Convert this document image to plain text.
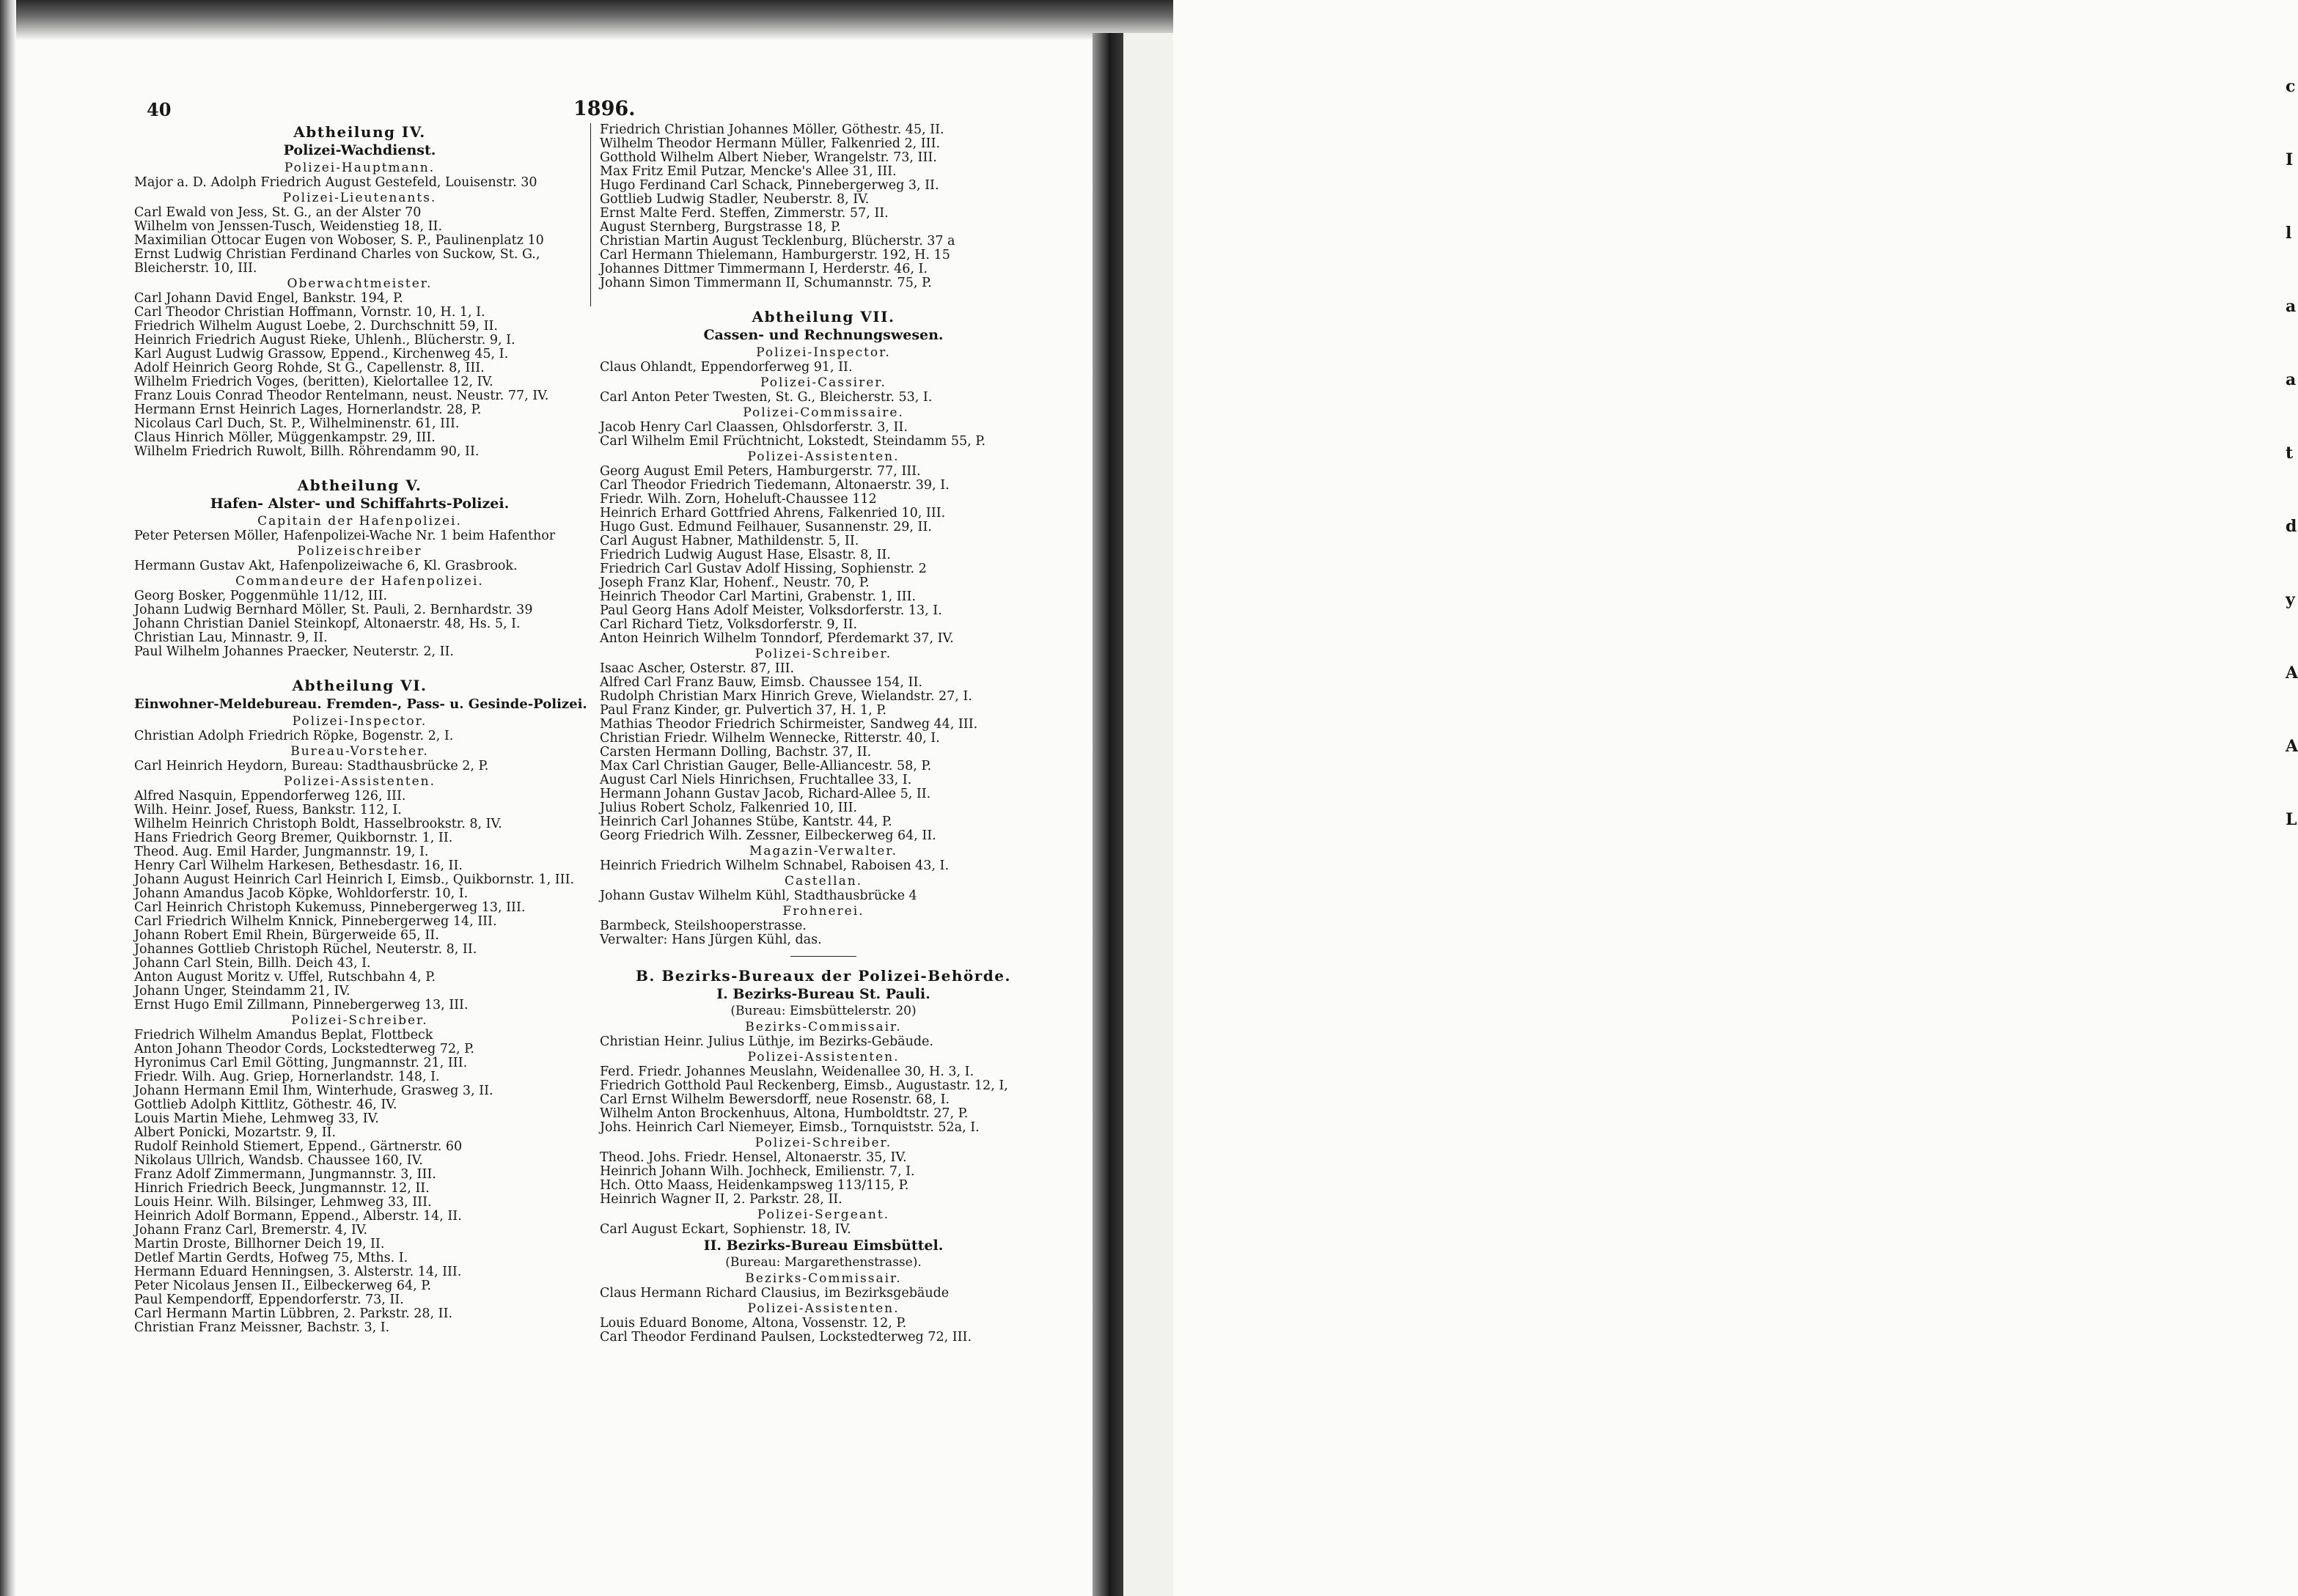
c
I
l
a
a
t
d
y
A
A
L
40	1896.
Abtheilung IV.
Polizei-Wachdienst.
Polizei-Hauptmann.
Major a. D. Adolph Friedrich August Gestefeld, Louisenstr. 30
Polizei-Lieutenants.
Carl Ewald von Jess, St. G., an der Alster 70
Wilhelm von Jenssen-Tusch, Weidenstieg 18, II.
Maximilian Ottocar Eugen von Woboser, S. P., Paulinenplatz 10
Ernst Ludwig Christian Ferdinand Charles von Suckow, St. G., Bleicherstr. 10, III.
Oberwachtmeister.
Carl Johann David Engel, Bankstr. 194, P.
Carl Theodor Christian Hoffmann, Vornstr. 10, H. 1, I.
Friedrich Wilhelm August Loebe, 2. Durchschnitt 59, II.
Heinrich Friedrich August Rieke, Uhlenh., Blücherstr. 9, I.
Karl August Ludwig Grassow, Eppend., Kirchenweg 45, I.
Adolf Heinrich Georg Rohde, St G., Capellenstr. 8, III.
Wilhelm Friedrich Voges, (beritten), Kielortallee 12, IV.
Franz Louis Conrad Theodor Rentelmann, neust. Neustr. 77, IV.
Hermann Ernst Heinrich Lages, Hornerlandstr. 28, P.
Nicolaus Carl Duch, St. P., Wilhelminenstr. 61, III.
Claus Hinrich Möller, Müggenkampstr. 29, III.
Wilhelm Friedrich Ruwolt, Billh. Röhrendamm 90, II.
Abtheilung V.
Hafen- Alster- und Schiffahrts-Polizei.
Capitain der Hafenpolizei.
Peter Petersen Möller, Hafenpolizei-Wache Nr. 1 beim Hafenthor
Polizeischreiber
Hermann Gustav Akt, Hafenpolizeiwache 6, Kl. Grasbrook.
Commandeure der Hafenpolizei.
Georg Bosker, Poggenmühle 11/12, III.
Johann Ludwig Bernhard Möller, St. Pauli, 2. Bernhardstr. 39
Johann Christian Daniel Steinkopf, Altonaerstr. 48, Hs. 5, I.
Christian Lau, Minnastr. 9, II.
Paul Wilhelm Johannes Praecker, Neuterstr. 2, II.
Abtheilung VI.
Einwohner-Meldebureau. Fremden-, Pass- u. Gesinde-Polizei.
Polizei-Inspector.
Christian Adolph Friedrich Röpke, Bogenstr. 2, I.
Bureau-Vorsteher.
Carl Heinrich Heydorn, Bureau: Stadthausbrücke 2, P.
Polizei-Assistenten.
Alfred Nasquin, Eppendorferweg 126, III.
Wilh. Heinr. Josef, Ruess, Bankstr. 112, I.
Wilhelm Heinrich Christoph Boldt, Hasselbrookstr. 8, IV.
Hans Friedrich Georg Bremer, Quikbornstr. 1, II.
Theod. Aug. Emil Harder, Jungmannstr. 19, I.
Henry Carl Wilhelm Harkesen, Bethesdastr. 16, II.
Johann August Heinrich Carl Heinrich I, Eimsb., Quikbornstr. 1, III.
Johann Amandus Jacob Köpke, Wohldorferstr. 10, I.
Carl Heinrich Christoph Kukemuss, Pinnebergerweg 13, III.
Carl Friedrich Wilhelm Knnick, Pinnebergerweg 14, III.
Johann Robert Emil Rhein, Bürgerweide 65, II.
Johannes Gottlieb Christoph Rüchel, Neuterstr. 8, II.
Johann Carl Stein, Billh. Deich 43, I.
Anton August Moritz v. Uffel, Rutschbahn 4, P.
Johann Unger, Steindamm 21, IV.
Ernst Hugo Emil Zillmann, Pinnebergerweg 13, III.
Polizei-Schreiber.
Friedrich Wilhelm Amandus Beplat, Flottbeck
Anton Johann Theodor Cords, Lockstedterweg 72, P.
Hyronimus Carl Emil Götting, Jungmannstr. 21, III.
Friedr. Wilh. Aug. Griep, Hornerlandstr. 148, I.
Johann Hermann Emil Ihm, Winterhude, Grasweg 3, II.
Gottlieb Adolph Kittlitz, Göthestr. 46, IV.
Louis Martin Miehe, Lehmweg 33, IV.
Albert Ponicki, Mozartstr. 9, II.
Rudolf Reinhold Stiemert, Eppend., Gärtnerstr. 60
Nikolaus Ullrich, Wandsb. Chaussee 160, IV.
Franz Adolf Zimmermann, Jungmannstr. 3, III.
Hinrich Friedrich Beeck, Jungmannstr. 12, II.
Louis Heinr. Wilh. Bilsinger, Lehmweg 33, III.
Heinrich Adolf Bormann, Eppend., Alberstr. 14, II.
Johann Franz Carl, Bremerstr. 4, IV.
Martin Droste, Billhorner Deich 19, II.
Detlef Martin Gerdts, Hofweg 75, Mths. I.
Hermann Eduard Henningsen, 3. Alsterstr. 14, III.
Peter Nicolaus Jensen II., Eilbeckerweg 64, P.
Paul Kempendorff, Eppendorferstr. 73, II.
Carl Hermann Martin Lübbren, 2. Parkstr. 28, II.
Christian Franz Meissner, Bachstr. 3, I.
Friedrich Christian Johannes Möller, Göthestr. 45, II.
Wilhelm Theodor Hermann Müller, Falkenried 2, III.
Gotthold Wilhelm Albert Nieber, Wrangelstr. 73, III.
Max Fritz Emil Putzar, Mencke's Allee 31, III.
Hugo Ferdinand Carl Schack, Pinnebergerweg 3, II.
Gottlieb Ludwig Stadler, Neuberstr. 8, IV.
Ernst Malte Ferd. Steffen, Zimmerstr. 57, II.
August Sternberg, Burgstrasse 18, P.
Christian Martin August Tecklenburg, Blücherstr. 37 a
Carl Hermann Thielemann, Hamburgerstr. 192, H. 15
Johannes Dittmer Timmermann I, Herderstr. 46, I.
Johann Simon Timmermann II, Schumannstr. 75, P.
Abtheilung VII.
Cassen- und Rechnungswesen.
Polizei-Inspector.
Claus Ohlandt, Eppendorferweg 91, II.
Polizei-Cassirer.
Carl Anton Peter Twesten, St. G., Bleicherstr. 53, I.
Polizei-Commissaire.
Jacob Henry Carl Claassen, Ohlsdorferstr. 3, II.
Carl Wilhelm Emil Früchtnicht, Lokstedt, Steindamm 55, P.
Polizei-Assistenten.
Georg August Emil Peters, Hamburgerstr. 77, III.
Carl Theodor Friedrich Tiedemann, Altonaerstr. 39, I.
Friedr. Wilh. Zorn, Hoheluft-Chaussee 112
Heinrich Erhard Gottfried Ahrens, Falkenried 10, III.
Hugo Gust. Edmund Feilhauer, Susannenstr. 29, II.
Carl August Habner, Mathildenstr. 5, II.
Friedrich Ludwig August Hase, Elsastr. 8, II.
Friedrich Carl Gustav Adolf Hissing, Sophienstr. 2
Joseph Franz Klar, Hohenf., Neustr. 70, P.
Heinrich Theodor Carl Martini, Grabenstr. 1, III.
Paul Georg Hans Adolf Meister, Volksdorferstr. 13, I.
Carl Richard Tietz, Volksdorferstr. 9, II.
Anton Heinrich Wilhelm Tonndorf, Pferdemarkt 37, IV.
Polizei-Schreiber.
Isaac Ascher, Osterstr. 87, III.
Alfred Carl Franz Bauw, Eimsb. Chaussee 154, II.
Rudolph Christian Marx Hinrich Greve, Wielandstr. 27, I.
Paul Franz Kinder, gr. Pulvertich 37, H. 1, P.
Mathias Theodor Friedrich Schirmeister, Sandweg 44, III.
Christian Friedr. Wilhelm Wennecke, Ritterstr. 40, I.
Carsten Hermann Dolling, Bachstr. 37, II.
Max Carl Christian Gauger, Belle-Alliancestr. 58, P.
August Carl Niels Hinrichsen, Fruchtallee 33, I.
Hermann Johann Gustav Jacob, Richard-Allee 5, II.
Julius Robert Scholz, Falkenried 10, III.
Heinrich Carl Johannes Stübe, Kantstr. 44, P.
Georg Friedrich Wilh. Zessner, Eilbeckerweg 64, II.
Magazin-Verwalter.
Heinrich Friedrich Wilhelm Schnabel, Raboisen 43, I.
Castellan.
Johann Gustav Wilhelm Kühl, Stadthausbrücke 4
Frohnerei.
Barmbeck, Steilshooperstrasse.
Verwalter: Hans Jürgen Kühl, das.
B. Bezirks-Bureaux der Polizei-Behörde.
I. Bezirks-Bureau St. Pauli.
(Bureau: Eimsbüttelerstr. 20)
Bezirks-Commissair.
Christian Heinr. Julius Lüthje, im Bezirks-Gebäude.
Polizei-Assistenten.
Ferd. Friedr. Johannes Meuslahn, Weidenallee 30, H. 3, I.
Friedrich Gotthold Paul Reckenberg, Eimsb., Augustastr. 12, I,
Carl Ernst Wilhelm Bewersdorff, neue Rosenstr. 68, I.
Wilhelm Anton Brockenhuus, Altona, Humboldtstr. 27, P.
Johs. Heinrich Carl Niemeyer, Eimsb., Tornquiststr. 52a, I.
Polizei-Schreiber.
Theod. Johs. Friedr. Hensel, Altonaerstr. 35, IV.
Heinrich Johann Wilh. Jochheck, Emilienstr. 7, I.
Hch. Otto Maass, Heidenkampsweg 113/115, P.
Heinrich Wagner II, 2. Parkstr. 28, II.
Polizei-Sergeant.
Carl August Eckart, Sophienstr. 18, IV.
II. Bezirks-Bureau Eimsbüttel.
(Bureau: Margarethenstrasse).
Bezirks-Commissair.
Claus Hermann Richard Clausius, im Bezirksgebäude
Polizei-Assistenten.
Louis Eduard Bonome, Altona, Vossenstr. 12, P.
Carl Theodor Ferdinand Paulsen, Lockstedterweg 72, III.
